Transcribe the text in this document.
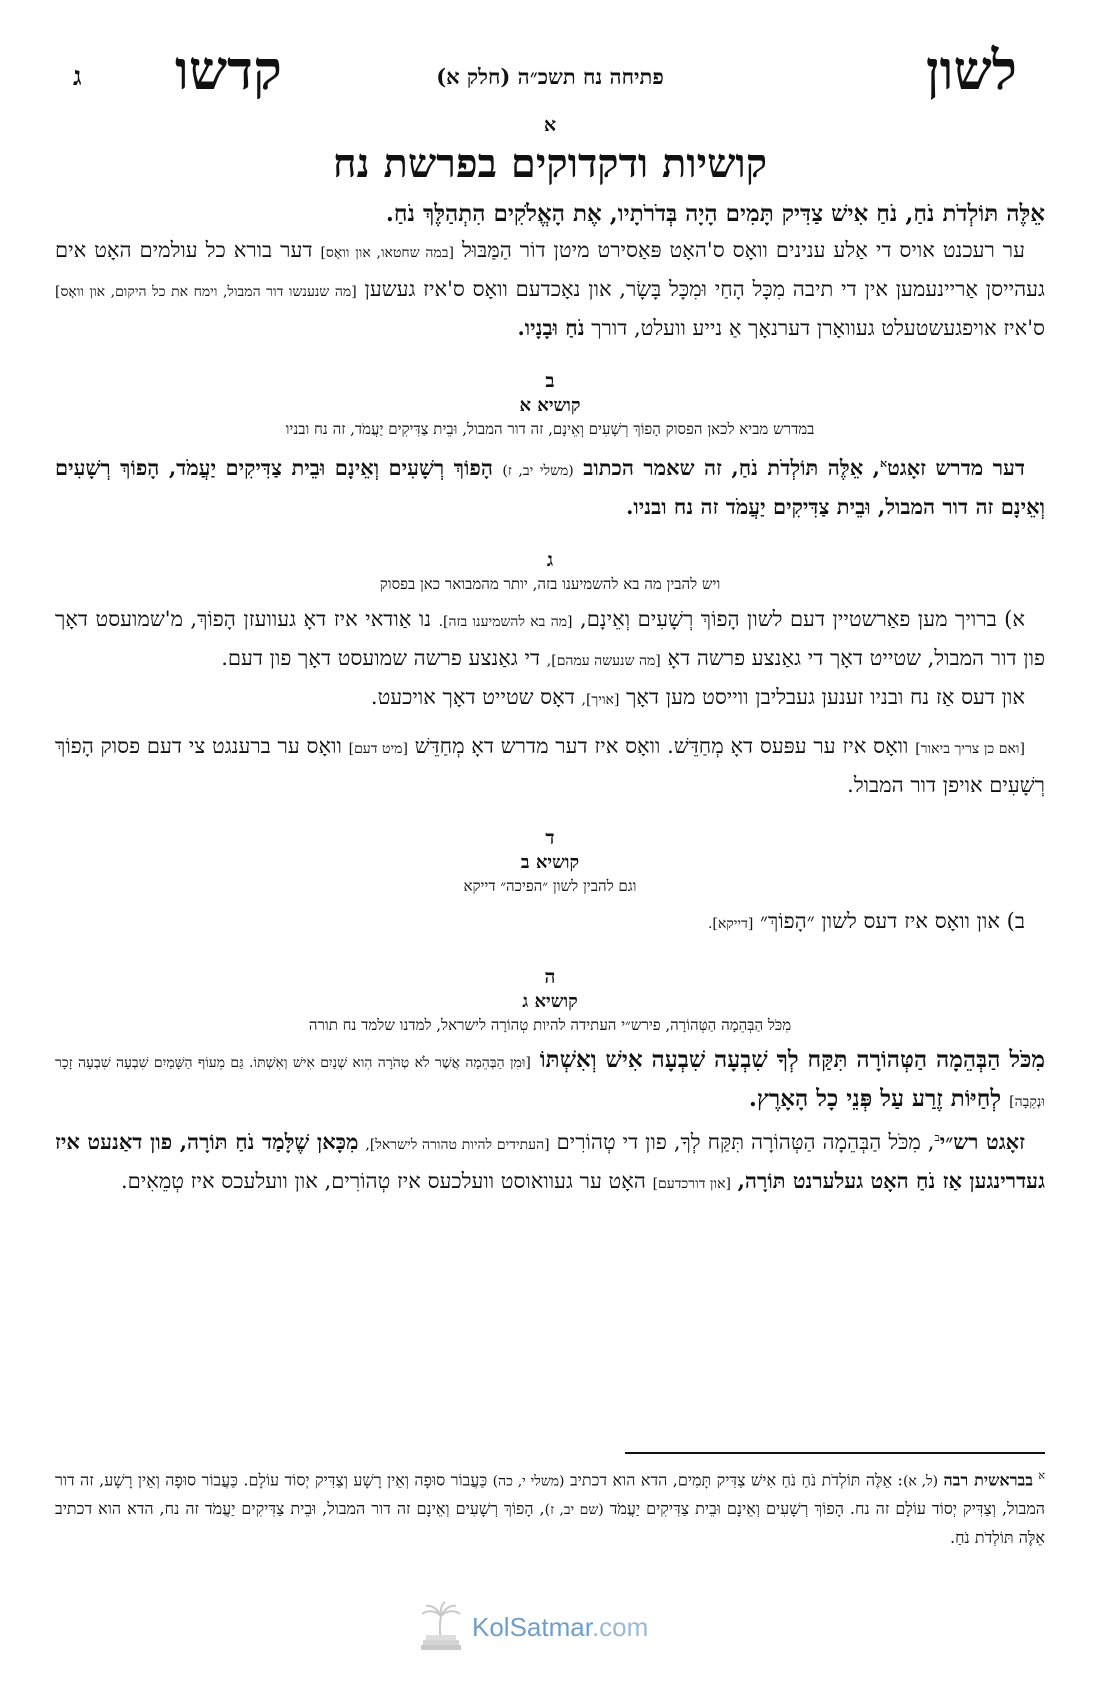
לשון
פתיחה נח תשכ״ה (חלק א)
קדשו
ג

א

קושיות ודקדוקים בפרשת נח

אֵלֶּה תּוֹלְדֹת נֹחַ, נֹחַ אִישׁ צַדִּיק תָּמִים הָיָה בְּדֹרֹתָיו, אֶת הָאֱלֹקִים הִתְהַלֶּךְ נֹחַ.

ער רעכנט אויס די אַלע ענינים וואָס ס'האָט פּאַסירט מיטן דוֹר הַמַּבּוּל [במה שחטאו, און וואָס] דער בורא כל עולמים האָט אים געהייסן אַריינעמען אין די תיבה מִכָּל הָחַי וּמִכָּל בָּשָׂר, און נאָכדעם וואָס ס'איז געשען [מה שנענשו דור המבול, וימח את כל היקום, און וואָס] ס'איז אויפגעשטעלט געוואָרן דערנאָך אַ נייע וועלט, דורך נֹחַ וּבָנָיו.

ב

קושיא א

במדרש מביא לכאן הפסוק הָפוֹךְ רְשָׁעִים וְאֵינָם, זה דור המבול, וּבֵית צַדִּיקִים יַעֲמֹד, זה נח ובניו

דער מדרש זאָגט$^א$, אֵלֶּה תּוֹלְדֹת נֹחַ, זה שאמר הכתוב (משלי יב, ז) הָפוֹךְ רְשָׁעִים וְאֵינָם וּבֵית צַדִּיקִים יַעֲמֹד, הָפוֹךְ רְשָׁעִים וְאֵינָם זה דור המבול, וּבֵית צַדִּיקִים יַעֲמֹד זה נח ובניו.

ג

ויש להבין מה בא להשמיענו בזה, יותר מהמבואר כאן בפסוק

א) ברויך מען פאַרשטיין דעם לשון הָפוֹךְ רְשָׁעִים וְאֵינָם, [מה בא להשמיענו בזה]. נו אַודאי איז דאָ געוועזן הָפוֹךְ, מ'שמועסט דאָך פון דור המבול, שטייט דאָך די גאַנצע פרשה דאָ [מה שנעשה עמהם], די גאַנצע פרשה שמועסט דאָך פון דעם.

און דעס אַז נח ובניו זענען געבליבן ווייסט מען דאָך [אויך], דאָס שטייט דאָך אויכעט.

[ואם כן צריך ביאור] וואָס איז ער עפּעס דאָ מְחַדֵּשׁ. וואָס איז דער מדרש דאָ מְחַדֵּשׁ [מיט דעם] וואָס ער ברענגט צי דעם פסוק הָפוֹךְ רְשָׁעִים אויפן דור המבול.

ד

קושיא ב

וגם להבין לשון ״הפיכה״ דייקא

ב) און וואָס איז דעס לשון ״הָפוֹךְ״ [דייקא].

ה

קושיא ג

מִכֹּל הַבְּהֵמָה הַטְּהוֹרָה, פירש״י העתידה להיות טְהוֹרָה לישראל, למדנו שלמד נח תורה

מִכֹּל הַבְּהֵמָה הַטְּהוֹרָה תִּקַּח לְךָ שִׁבְעָה שִׁבְעָה אִישׁ וְאִשְׁתּוֹ [וּמִן הַבְּהֵמָה אֲשֶׁר לֹא טְהֹרָה הִוא שְׁנַיִם אִישׁ וְאִשְׁתּוֹ. גַּם מֵעוֹף הַשָּׁמַיִם שִׁבְעָה שִׁבְעָה זָכָר וּנְקֵבָה] לְחַיּוֹת זֶרַע עַל פְּנֵי כָל הָאָרֶץ.

זאָגט רש״י$^ב$, מִכֹּל הַבְּהֵמָה הַטְּהוֹרָה תִּקַּח לְךָ, פון די טְהוֹרִים [העתידים להיות טהורה לישראל], מִכָּאן שֶׁלָּמַד נֹחַ תּוֹרָה, פון דאַנעט איז געדרינגען אַז נֹחַ האָט געלערנט תּוֹרָה, [און דורכדעם] האָט ער געוואוסט וועלכעס איז טְהוֹרִים, און וועלעכס איז טְמֵאִים.

$^א$ בבראשית רבה (ל, א): אֵלֶּה תּוֹלְדֹת נֹחַ נֹחַ אִישׁ צַדִּיק תָּמִים, הדא הוא דכתיב (משלי י, כה) כַּעֲבוֹר סוּפָה וְאֵין רָשָׁע וְצַדִּיק יְסוֹד עוֹלָם. כַּעֲבוֹר סוּפָה וְאֵין רָשָׁע, זה דור המבול, וְצַדִּיק יְסוֹד עוֹלָם זה נח. הָפוֹךְ רְשָׁעִים וְאֵינָם וּבֵית צַדִּיקִים יַעֲמֹד (שם יב, ז), הָפוֹךְ רְשָׁעִים וְאֵינָם זה דור המבול, וּבֵית צַדִּיקִים יַעֲמֹד זה נח, הדא הוא דכתיב אֵלֶּה תּוֹלְדֹת נֹחַ.
KolSatmar.com
